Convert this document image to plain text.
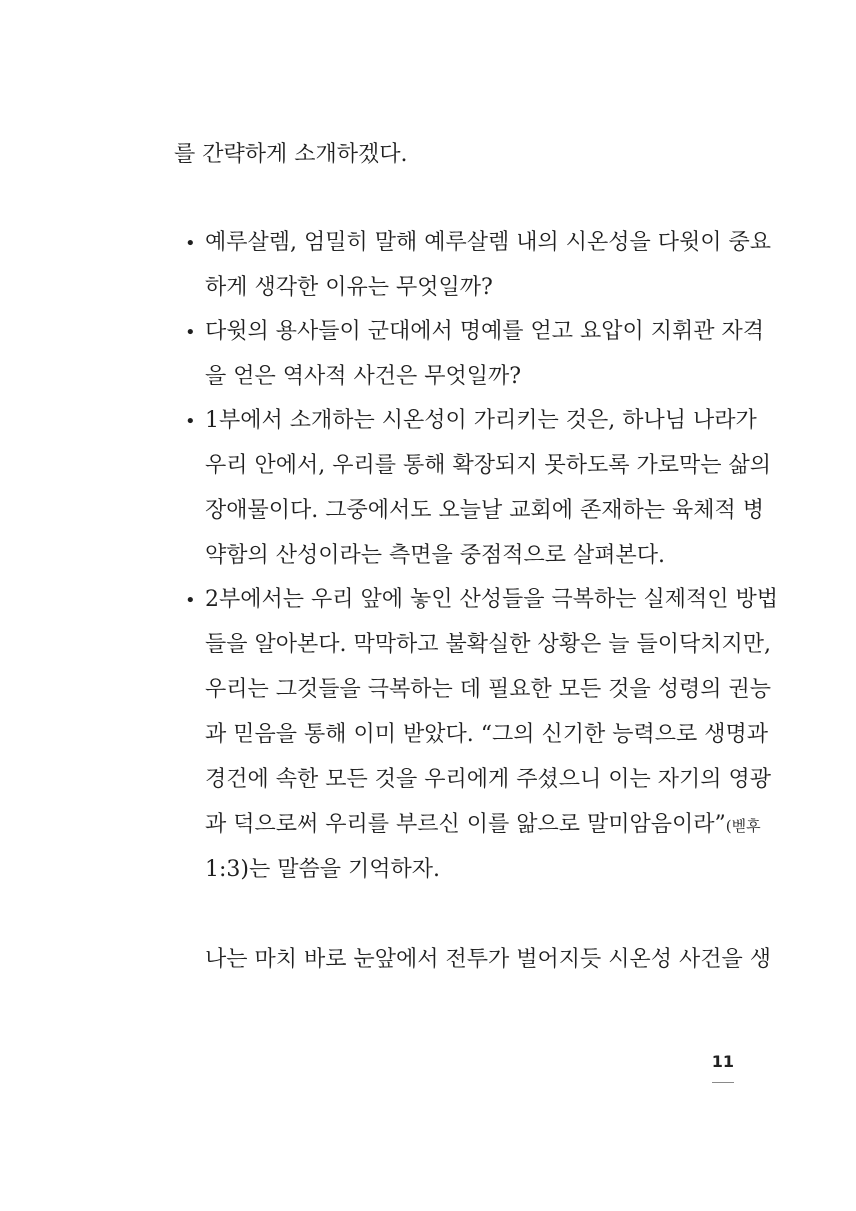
를 간략하게 소개하겠다.
• 예루살렘, 엄밀히 말해 예루살렘 내의 시온성을 다윗이 중요
하게 생각한 이유는 무엇일까?
• 다윗의 용사들이 군대에서 명예를 얻고 요압이 지휘관 자격
을 얻은 역사적 사건은 무엇일까?
• 1부에서 소개하는 시온성이 가리키는 것은, 하나님 나라가
우리 안에서, 우리를 통해 확장되지 못하도록 가로막는 삶의
장애물이다. 그중에서도 오늘날 교회에 존재하는 육체적 병
약함의 산성이라는 측면을 중점적으로 살펴본다.
• 2부에서는 우리 앞에 놓인 산성들을 극복하는 실제적인 방법
들을 알아본다. 막막하고 불확실한 상황은 늘 들이닥치지만,
우리는 그것들을 극복하는 데 필요한 모든 것을 성령의 권능
과 믿음을 통해 이미 받았다. “그의 신기한 능력으로 생명과
경건에 속한 모든 것을 우리에게 주셨으니 이는 자기의 영광
과 덕으로써 우리를 부르신 이를 앎으로 말미암음이라”(벧후
1:3)는 말씀을 기억하자.
나는 마치 바로 눈앞에서 전투가 벌어지듯 시온성 사건을 생
11
